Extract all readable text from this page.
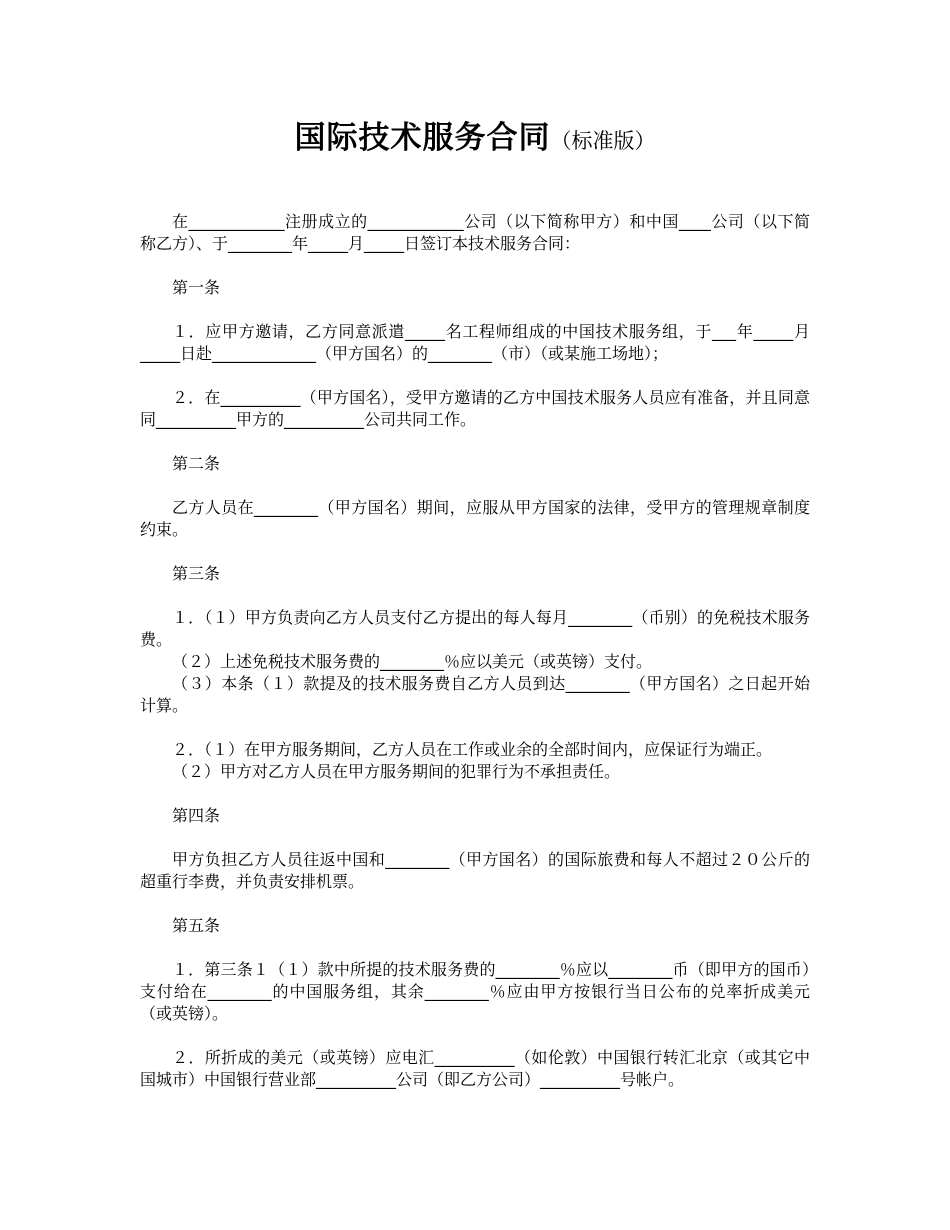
国际技术服务合同（标准版）

在____________注册成立的____________公司（以下简称甲方）和中国____公司（以下简称乙方）、于________年_____月_____日签订本技术服务合同：

第一条

１．应甲方邀请，乙方同意派遣_____名工程师组成的中国技术服务组，于___年_____月_____日赴_____________（甲方国名）的________（市）（或某施工场地）；

２．在__________（甲方国名），受甲方邀请的乙方中国技术服务人员应有准备，并且同意同__________甲方的__________公司共同工作。

第二条

乙方人员在________（甲方国名）期间，应服从甲方国家的法律，受甲方的管理规章制度约束。

第三条

１．（１）甲方负责向乙方人员支付乙方提出的每人每月________（币别）的免税技术服务费。

（２）上述免税技术服务费的________％应以美元（或英镑）支付。

（３）本条（１）款提及的技术服务费自乙方人员到达________（甲方国名）之日起开始计算。

２．（１）在甲方服务期间，乙方人员在工作或业余的全部时间内，应保证行为端正。

（２）甲方对乙方人员在甲方服务期间的犯罪行为不承担责任。

第四条

甲方负担乙方人员往返中国和________（甲方国名）的国际旅费和每人不超过２０公斤的超重行李费，并负责安排机票。

第五条

１．第三条１（１）款中所提的技术服务费的________％应以________币（即甲方的国币）支付给在________的中国服务组，其余________％应由甲方按银行当日公布的兑率折成美元（或英镑）。

２．所折成的美元（或英镑）应电汇__________（如伦敦）中国银行转汇北京（或其它中国城市）中国银行营业部__________公司（即乙方公司）__________号帐户。
